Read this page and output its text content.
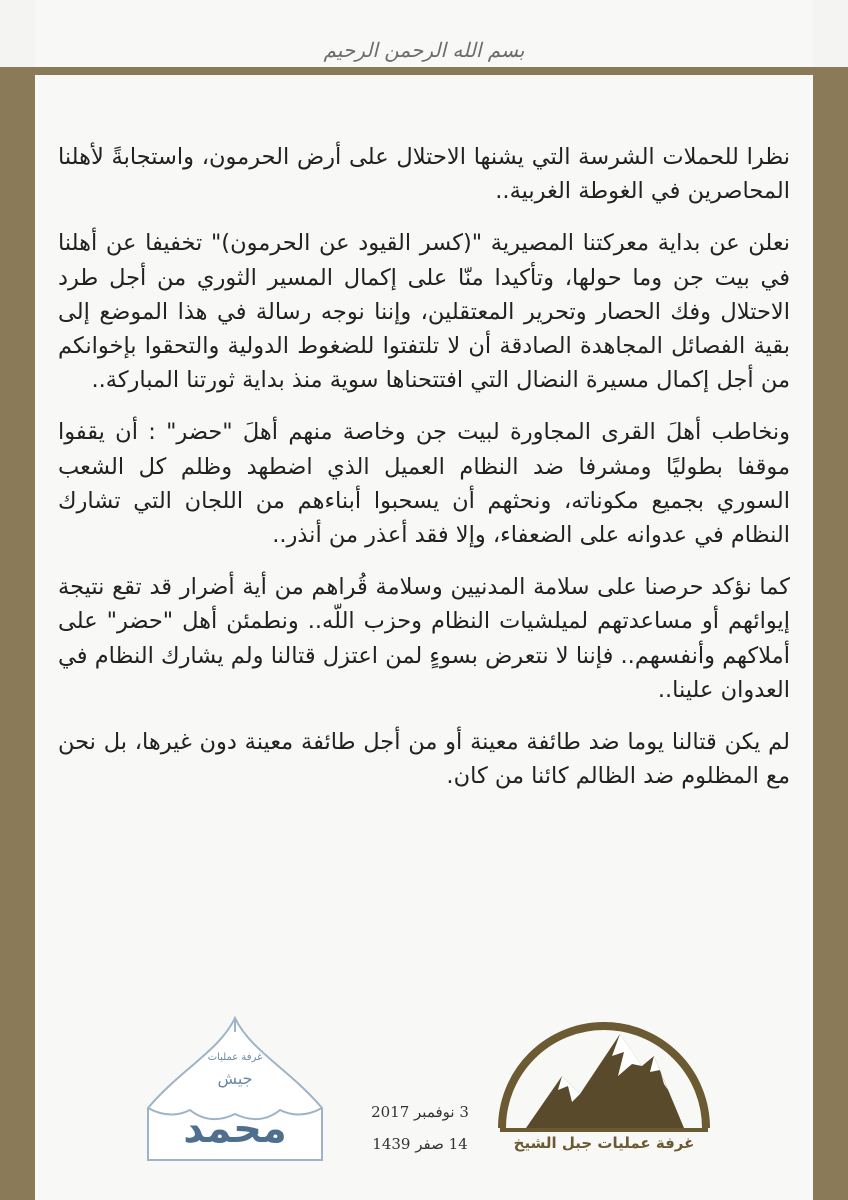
بسم الله الرحمن الرحيم

نظرا للحملات الشرسة التي يشنها الاحتلال على أرض الحرمون، واستجابةً لأهلنا المحاصرين في الغوطة الغربية..

نعلن عن بداية معركتنا المصيرية "(كسر القيود عن الحرمون)" تخفيفا عن أهلنا في بيت جن وما حولها، وتأكيدا منّا على إكمال المسير الثوري من أجل طرد الاحتلال وفك الحصار وتحرير المعتقلين، وإننا نوجه رسالة في هذا الموضع إلى بقية الفصائل المجاهدة الصادقة أن لا تلتفتوا للضغوط الدولية والتحقوا بإخوانكم من أجل إكمال مسيرة النضال التي افتتحناها سوية منذ بداية ثورتنا المباركة..

ونخاطب أهلَ القرى المجاورة لبيت جن وخاصة منهم أهلَ "حضر" : أن يقفوا موقفا بطوليًا ومشرفا ضد النظام العميل الذي اضطهد وظلم كل الشعب السوري بجميع مكوناته، ونحثهم أن يسحبوا أبناءهم من اللجان التي تشارك النظام في عدوانه على الضعفاء، وإلا فقد أعذر من أنذر..

كما نؤكد حرصنا على سلامة المدنيين وسلامة قُراهم من أية أضرار قد تقع نتيجة إيوائهم أو مساعدتهم لميلشيات النظام وحزب اللّه.. ونطمئن أهل "حضر" على أملاكهم وأنفسهم.. فإننا لا نتعرض بسوءٍ لمن اعتزل قتالنا ولم يشارك النظام في العدوان علينا..

لم يكن قتالنا يوما ضد طائفة معينة أو من أجل طائفة معينة دون غيرها، بل نحن مع المظلوم ضد الظالم كائنا من كان.

غرفة عمليات
جيش
محمد	3 نوفمبر 2017
14 صفر 1439	غرفة عمليات جبل الشيخ
